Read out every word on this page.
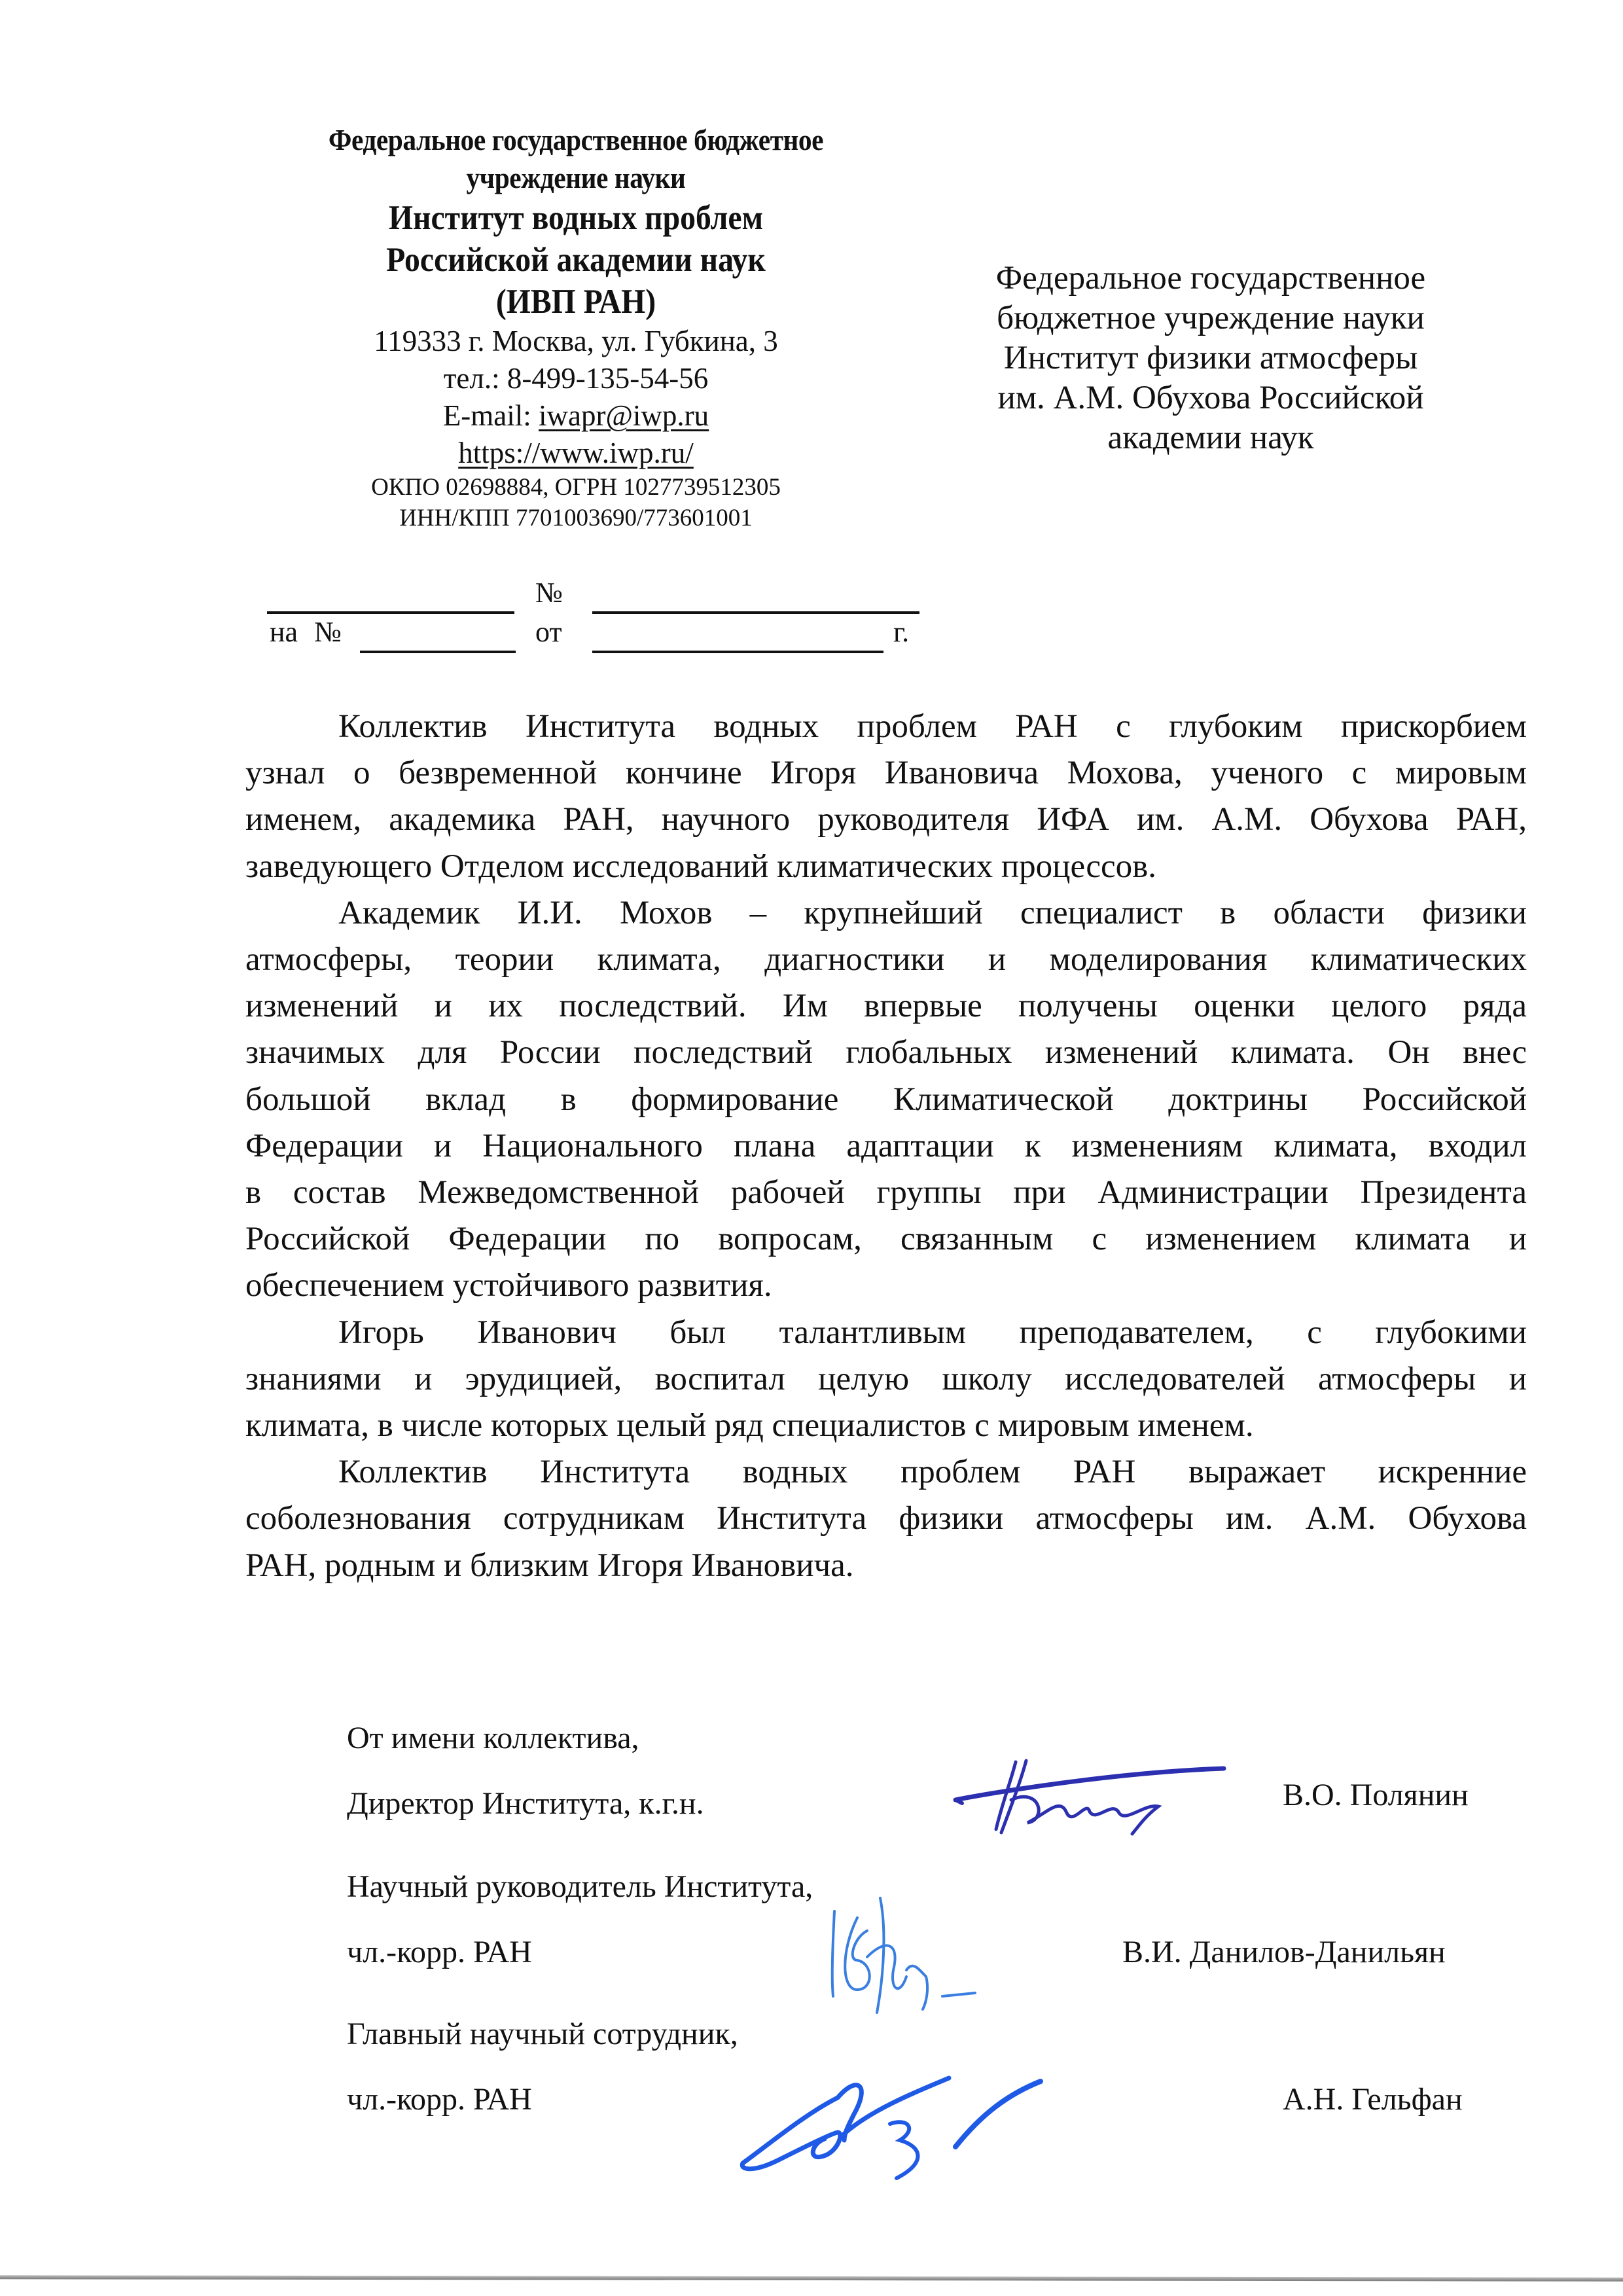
Федеральное государственное бюджетное
учреждение науки
Институт водных проблем
Российской академии наук
(ИВП РАН)
119333 г. Москва, ул. Губкина, 3
тел.: 8-499-135-54-56
E-mail: iwapr@iwp.ru
https://www.iwp.ru/
ОКПО 02698884, ОГРН 1027739512305
ИНН/КПП 7701003690/773601001
№
на №	от	г.
Федеральное государственное
бюджетное учреждение науки
Институт физики атмосферы
им. А.М. Обухова Российской
академии наук

Коллектив Института водных проблем РАН с глубоким прискорбием
узнал о безвременной кончине Игоря Ивановича Мохова, ученого с мировым
именем, академика РАН, научного руководителя ИФА им. А.М. Обухова РАН,
заведующего Отделом исследований климатических процессов.

Академик И.И. Мохов – крупнейший специалист в области физики
атмосферы, теории климата, диагностики и моделирования климатических
изменений и их последствий. Им впервые получены оценки целого ряда
значимых для России последствий глобальных изменений климата. Он внес
большой вклад в формирование Климатической доктрины Российской
Федерации и Национального плана адаптации к изменениям климата, входил
в состав Межведомственной рабочей группы при Администрации Президента
Российской Федерации по вопросам, связанным с изменением климата и
обеспечением устойчивого развития.

Игорь Иванович был талантливым преподавателем, с глубокими
знаниями и эрудицией, воспитал целую школу исследователей атмосферы и
климата, в числе которых целый ряд специалистов с мировым именем.

Коллектив Института водных проблем РАН выражает искренние
соболезнования сотрудникам Института физики атмосферы им. А.М. Обухова
РАН, родным и близким Игоря Ивановича.

От имени коллектива,
Директор Института, к.г.н.	В.О. Полянин
Научный руководитель Института,
чл.-корр. РАН	В.И. Данилов-Данильян
Главный научный сотрудник,
чл.-корр. РАН	А.Н. Гельфан
